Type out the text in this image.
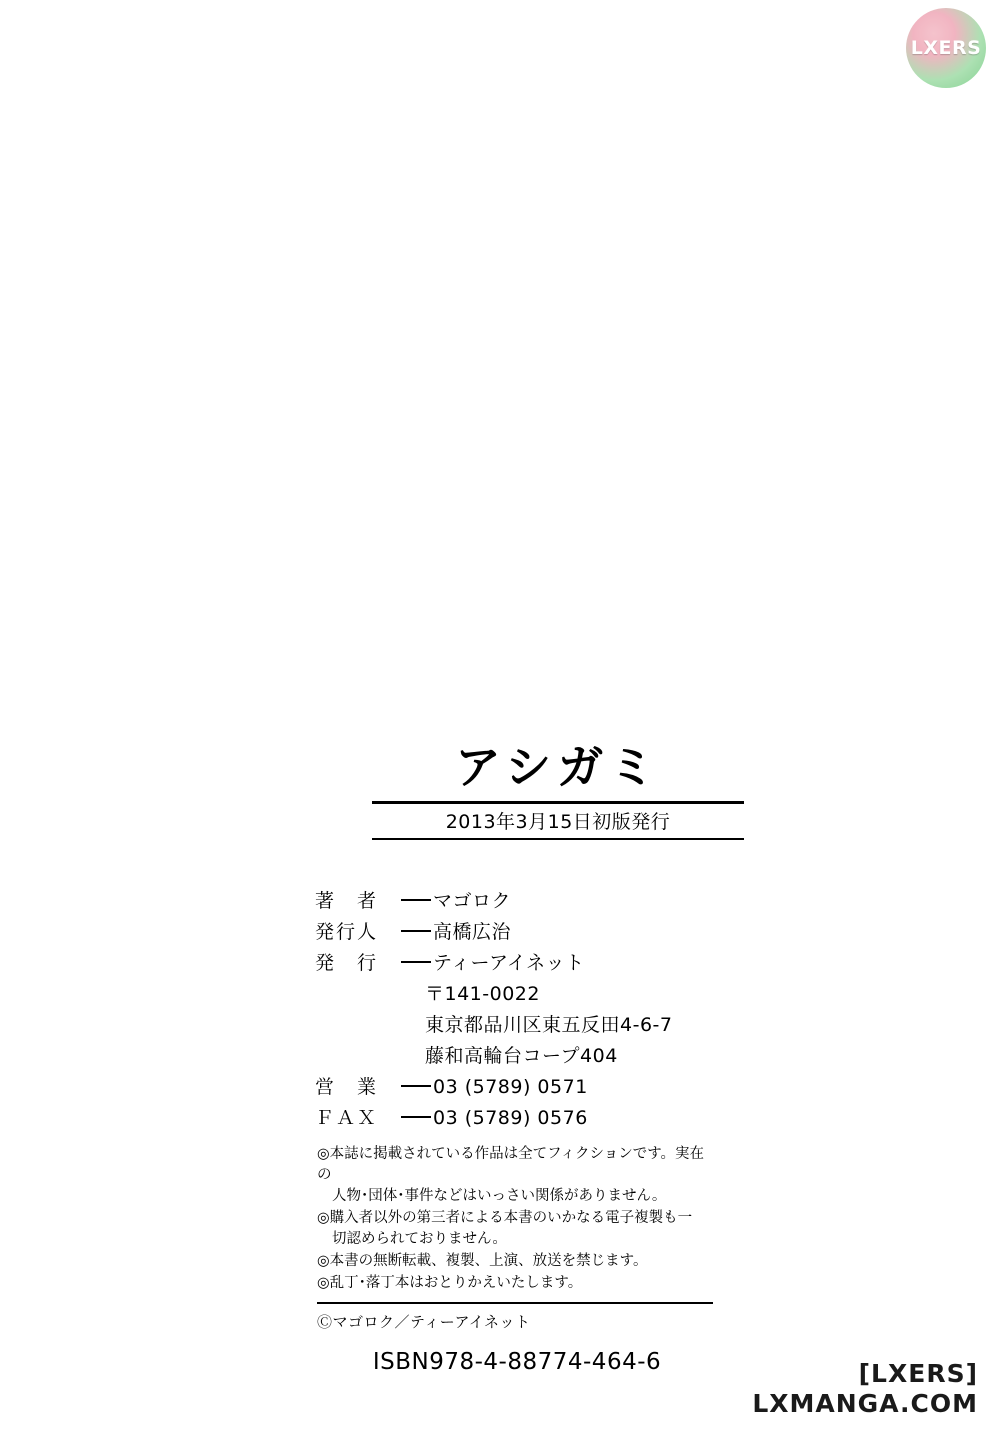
LXERS
アシガミ
2013年3月15日初版発行
著　者	マゴロク
発行人	高橋広治
発　行	ティーアイネット
〒141-0022
東京都品川区東五反田4-6-7
藤和高輪台コープ404
営　業	03 (5789) 0571
ＦＡＸ	03 (5789) 0576
◎本誌に掲載されている作品は全てフィクションです。実在の
人物･団体･事件などはいっさい関係がありません。
◎購入者以外の第三者による本書のいかなる電子複製も一
切認められておりません。
◎本書の無断転載、複製、上演、放送を禁じます。
◎乱丁･落丁本はおとりかえいたします。
Ⓒマゴロク／ティーアイネット
ISBN978-4-88774-464-6	[LXERS]
LXMANGA.COM
